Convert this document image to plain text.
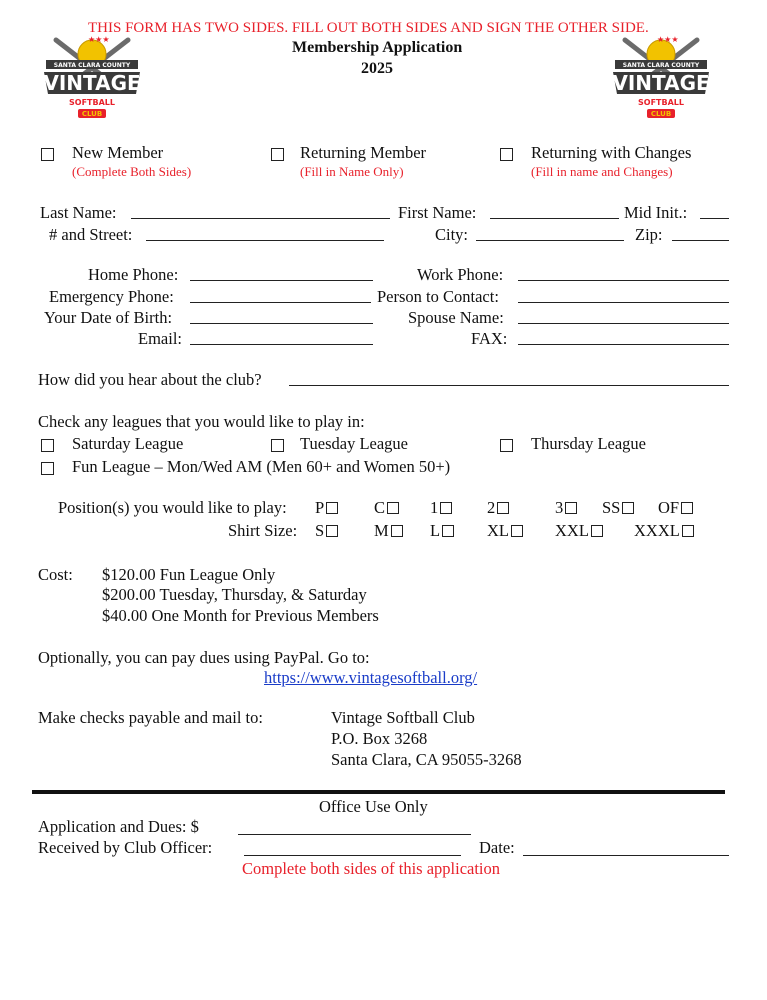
THIS FORM HAS TWO SIDES. FILL OUT BOTH SIDES AND SIGN THE OTHER SIDE.
Membership Application
2025
★★★
SANTA CLARA COUNTY
VINTAGE
SOFTBALL
CLUB
★★★
SANTA CLARA COUNTY
VINTAGE
SOFTBALL
CLUB
New Member
(Complete Both Sides)
Returning Member
(Fill in Name Only)
Returning with Changes
(Fill in name and Changes)
Last Name:	First Name:	Mid Init.:
# and Street:	City:	Zip:
Home Phone:	Work Phone:
Emergency Phone:	Person to Contact:
Your Date of Birth:	Spouse Name:
Email:	FAX:
How did you hear about the club?
Check any leagues that you would like to play in:
Saturday League	Tuesday League	Thursday League
Fun League – Mon/Wed AM (Men 60+ and Women 50+)
Position(s) you would like to play: P	C	1	2	3	SS	OF
Shirt Size: S	M	L	XL	XXL	XXXL
Cost: $120.00 Fun League Only
$200.00 Tuesday, Thursday, & Saturday
$40.00 One Month for Previous Members
Optionally, you can pay dues using PayPal. Go to:
https://www.vintagesoftball.org/
Make checks payable and mail to:	Vintage Softball Club
P.O. Box 3268
Santa Clara, CA 95055-3268
Office Use Only
Application and Dues: $
Received by Club Officer:	Date:
Complete both sides of this application
